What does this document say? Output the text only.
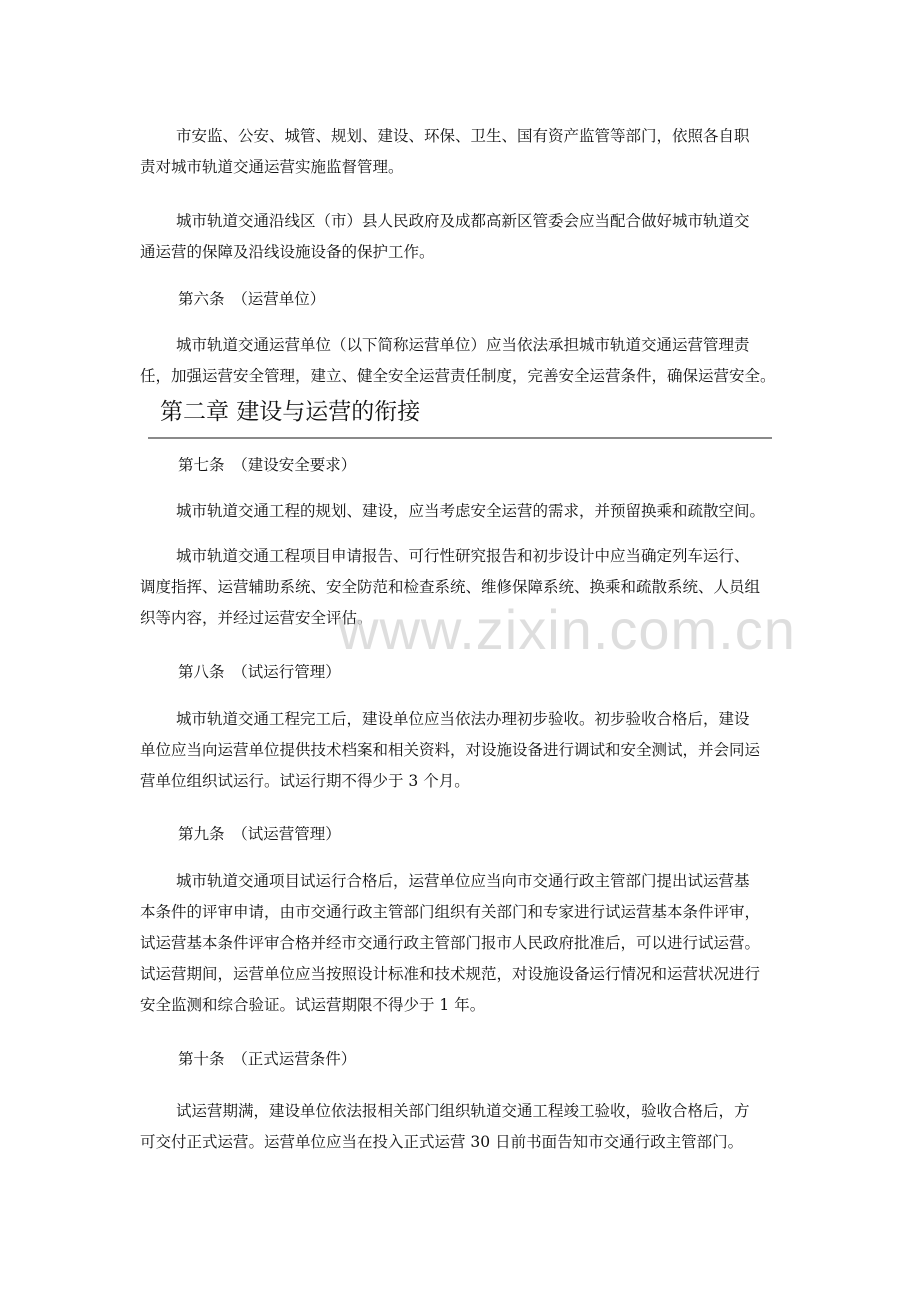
市安监、公安、城管、规划、建设、环保、卫生、国有资产监管等部门，依照各自职
责对城市轨道交通运营实施监督管理。

城市轨道交通沿线区（市）县人民政府及成都高新区管委会应当配合做好城市轨道交
通运营的保障及沿线设施设备的保护工作。

第六条　（运营单位）

城市轨道交通运营单位（以下简称运营单位）应当依法承担城市轨道交通运营管理责
任，加强运营安全管理，建立、健全安全运营责任制度，完善安全运营条件，确保运营安全。

第二章 建设与运营的衔接

第七条　（建设安全要求）

城市轨道交通工程的规划、建设，应当考虑安全运营的需求，并预留换乘和疏散空间。

城市轨道交通工程项目申请报告、可行性研究报告和初步设计中应当确定列车运行、
调度指挥、运营辅助系统、安全防范和检查系统、维修保障系统、换乘和疏散系统、人员组
织等内容，并经过运营安全评估。

第八条　（试运行管理）

城市轨道交通工程完工后，建设单位应当依法办理初步验收。初步验收合格后，建设
单位应当向运营单位提供技术档案和相关资料，对设施设备进行调试和安全测试，并会同运
营单位组织试运行。试运行期不得少于 3 个月。

第九条　（试运营管理）

城市轨道交通项目试运行合格后，运营单位应当向市交通行政主管部门提出试运营基
本条件的评审申请，由市交通行政主管部门组织有关部门和专家进行试运营基本条件评审，
试运营基本条件评审合格并经市交通行政主管部门报市人民政府批准后，可以进行试运营。
试运营期间，运营单位应当按照设计标准和技术规范，对设施设备运行情况和运营状况进行
安全监测和综合验证。试运营期限不得少于 1 年。

第十条　（正式运营条件）

试运营期满，建设单位依法报相关部门组织轨道交通工程竣工验收，验收合格后，方
可交付正式运营。运营单位应当在投入正式运营 30 日前书面告知市交通行政主管部门。

www.zixin.com.cn
